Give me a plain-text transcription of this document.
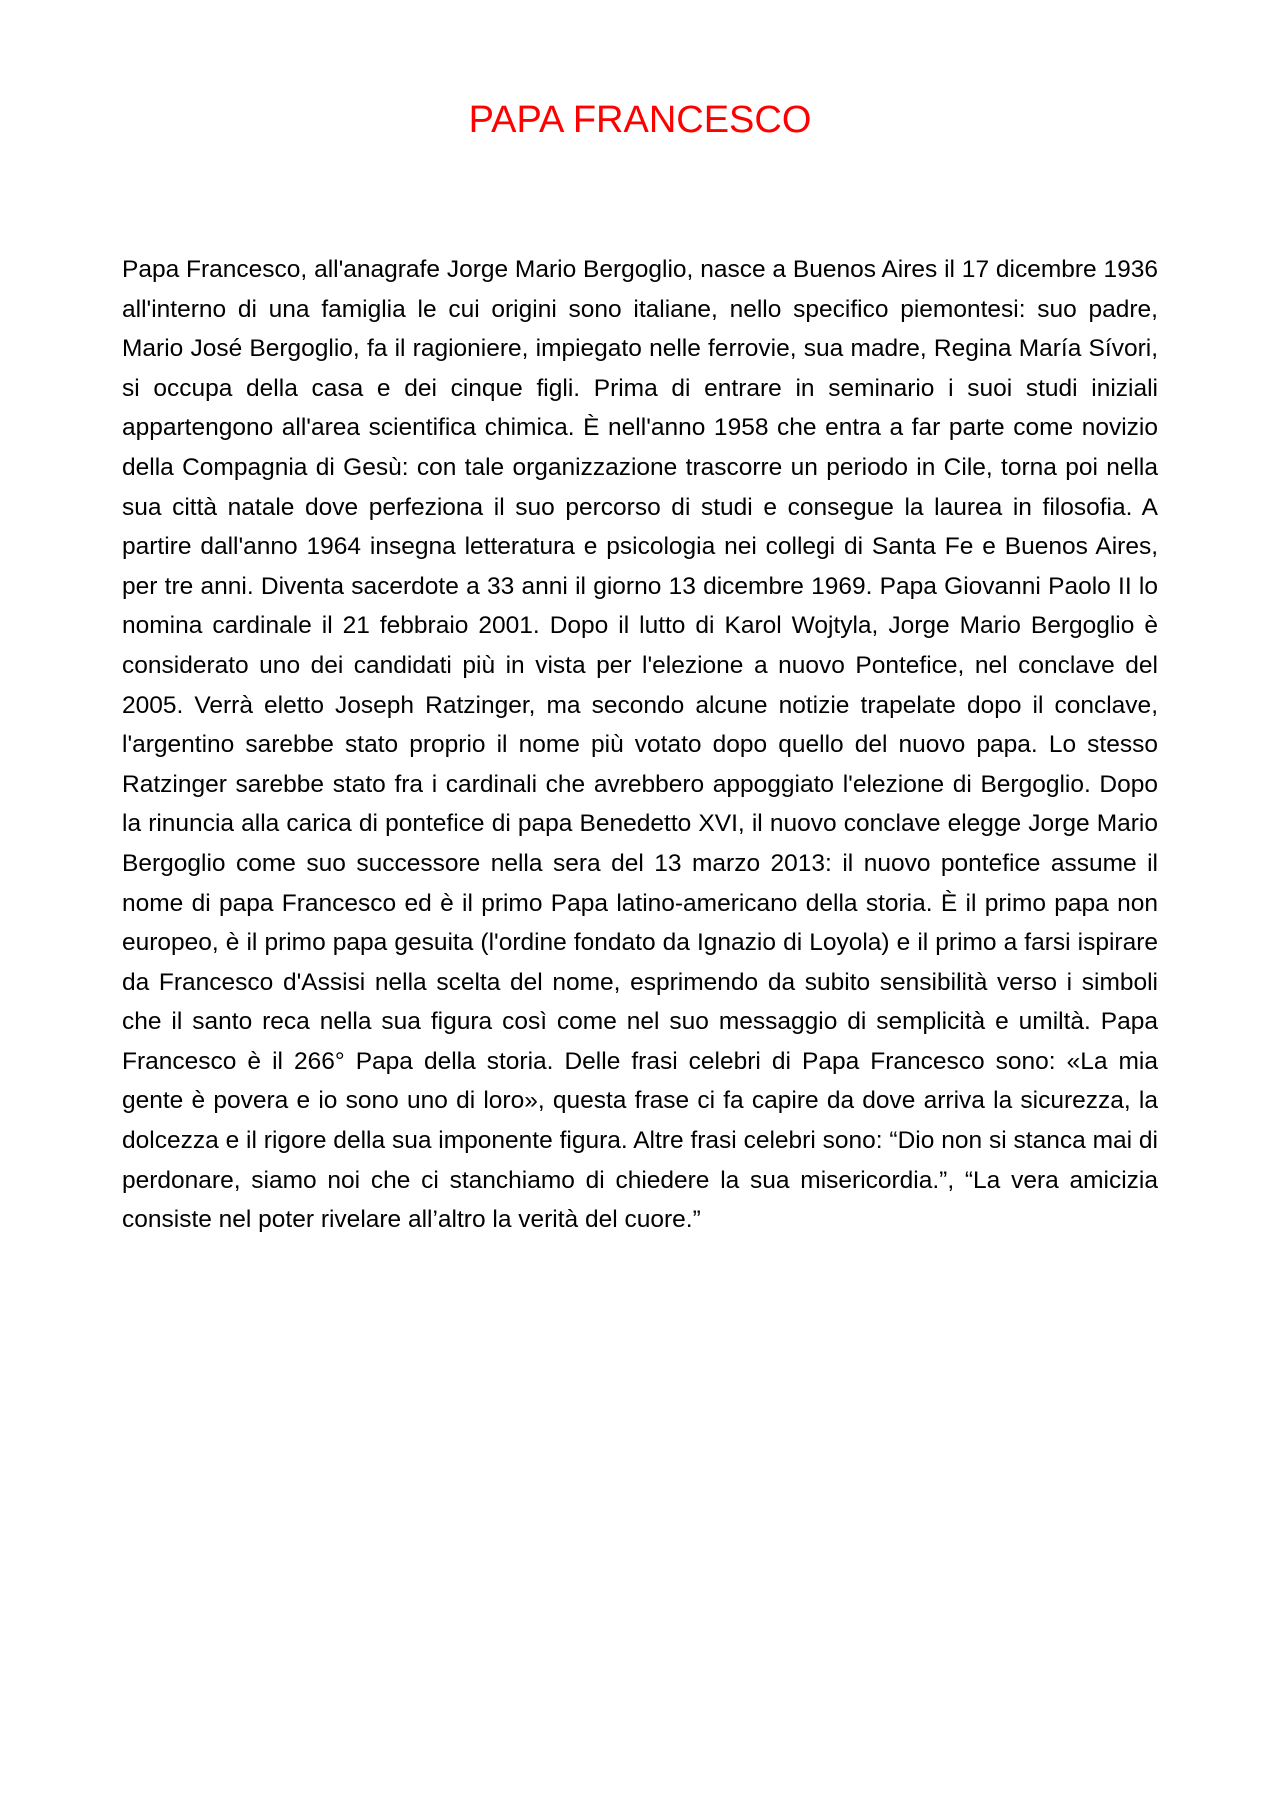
PAPA FRANCESCO

Papa Francesco, all'anagrafe Jorge Mario Bergoglio, nasce a Buenos Aires il 17 dicembre 1936 all'interno di una famiglia le cui origini sono italiane, nello specifico piemontesi: suo padre, Mario José Bergoglio, fa il ragioniere, impiegato nelle ferrovie, sua madre, Regina María Sívori, si occupa della casa e dei cinque figli. Prima di entrare in seminario i suoi studi iniziali appartengono all'area scientifica chimica. È nell'anno 1958 che entra a far parte come novizio della Compagnia di Gesù: con tale organizzazione trascorre un periodo in Cile, torna poi nella sua città natale dove perfeziona il suo percorso di studi e consegue la laurea in filosofia. A partire dall'anno 1964 insegna letteratura e psicologia nei collegi di Santa Fe e Buenos Aires, per tre anni. Diventa sacerdote a 33 anni il giorno 13 dicembre 1969. Papa Giovanni Paolo II lo nomina cardinale il 21 febbraio 2001. Dopo il lutto di Karol Wojtyla, Jorge Mario Bergoglio è considerato uno dei candidati più in vista per l'elezione a nuovo Pontefice, nel conclave del 2005. Verrà eletto Joseph Ratzinger, ma secondo alcune notizie trapelate dopo il conclave, l'argentino sarebbe stato proprio il nome più votato dopo quello del nuovo papa. Lo stesso Ratzinger sarebbe stato fra i cardinali che avrebbero appoggiato l'elezione di Bergoglio. Dopo la rinuncia alla carica di pontefice di papa Benedetto XVI, il nuovo conclave elegge Jorge Mario Bergoglio come suo successore nella sera del 13 marzo 2013: il nuovo pontefice assume il nome di papa Francesco ed è il primo Papa latino-americano della storia. È il primo papa non europeo, è il primo papa gesuita (l'ordine fondato da Ignazio di Loyola) e il primo a farsi ispirare da Francesco d'Assisi nella scelta del nome, esprimendo da subito sensibilità verso i simboli che il santo reca nella sua figura così come nel suo messaggio di semplicità e umiltà. Papa Francesco è il 266° Papa della storia. Delle frasi celebri di Papa Francesco sono: «La mia gente è povera e io sono uno di loro», questa frase ci fa capire da dove arriva la sicurezza, la dolcezza e il rigore della sua imponente figura. Altre frasi celebri sono: “Dio non si stanca mai di perdonare, siamo noi che ci stanchiamo di chiedere la sua misericordia.”, “La vera amicizia consiste nel poter rivelare all’altro la verità del cuore.”
